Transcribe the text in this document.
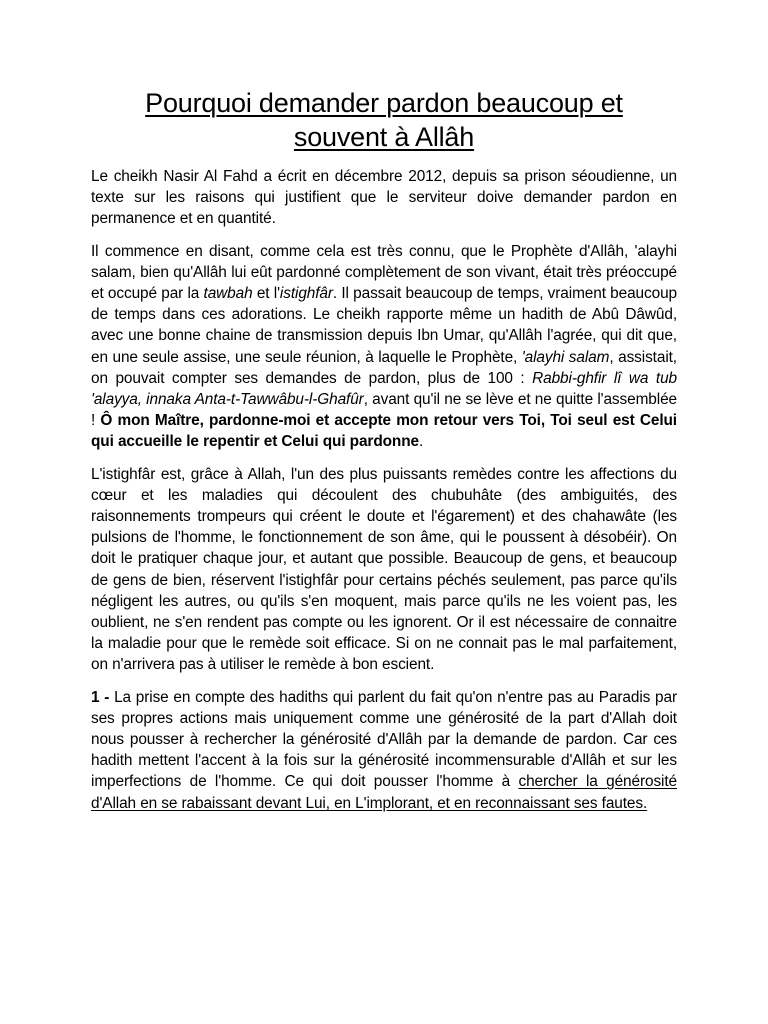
Pourquoi demander pardon beaucoup et
souvent à Allâh

Le cheikh Nasir Al Fahd a écrit en décembre 2012, depuis sa prison séoudienne, un texte sur les raisons qui justifient que le serviteur doive demander pardon en permanence et en quantité.

Il commence en disant, comme cela est très connu, que le Prophète d'Allâh, 'alayhi salam, bien qu'Allâh lui eût pardonné complètement de son vivant, était très préoccupé et occupé par la tawbah et l'istighfâr. Il passait beaucoup de temps, vraiment beaucoup de temps dans ces adorations. Le cheikh rapporte même un hadith de Abû Dâwûd, avec une bonne chaine de transmission depuis Ibn Umar, qu'Allâh l'agrée, qui dit que, en une seule assise, une seule réunion, à laquelle le Prophète, 'alayhi salam, assistait, on pouvait compter ses demandes de pardon, plus de 100 : Rabbi-ghfir lî wa tub 'alayya, innaka Anta-t-Tawwâbu-l-Ghafûr, avant qu'il ne se lève et ne quitte l'assemblée ! Ô mon Maître, pardonne-moi et accepte mon retour vers Toi, Toi seul est Celui qui accueille le repentir et Celui qui pardonne.

L'istighfâr est, grâce à Allah, l'un des plus puissants remèdes contre les affections du cœur et les maladies qui découlent des chubuhâte (des ambiguités, des raisonnements trompeurs qui créent le doute et l'égarement) et des chahawâte (les pulsions de l'homme, le fonctionnement de son âme, qui le poussent à désobéir). On doit le pratiquer chaque jour, et autant que possible. Beaucoup de gens, et beaucoup de gens de bien, réservent l'istighfâr pour certains péchés seulement, pas parce qu'ils négligent les autres, ou qu'ils s'en moquent, mais parce qu'ils ne les voient pas, les oublient, ne s'en rendent pas compte ou les ignorent. Or il est nécessaire de connaitre la maladie pour que le remède soit efficace. Si on ne connait pas le mal parfaitement, on n'arrivera pas à utiliser le remède à bon escient.

1 - La prise en compte des hadiths qui parlent du fait qu'on n'entre pas au Paradis par ses propres actions mais uniquement comme une générosité de la part d'Allah doit nous pousser à rechercher la générosité d'Allâh par la demande de pardon. Car ces hadith mettent l'accent à la fois sur la générosité incommensurable d'Allâh et sur les imperfections de l'homme. Ce qui doit pousser l'homme à chercher la générosité d'Allah en se rabaissant devant Lui, en L'implorant, et en reconnaissant ses fautes.
